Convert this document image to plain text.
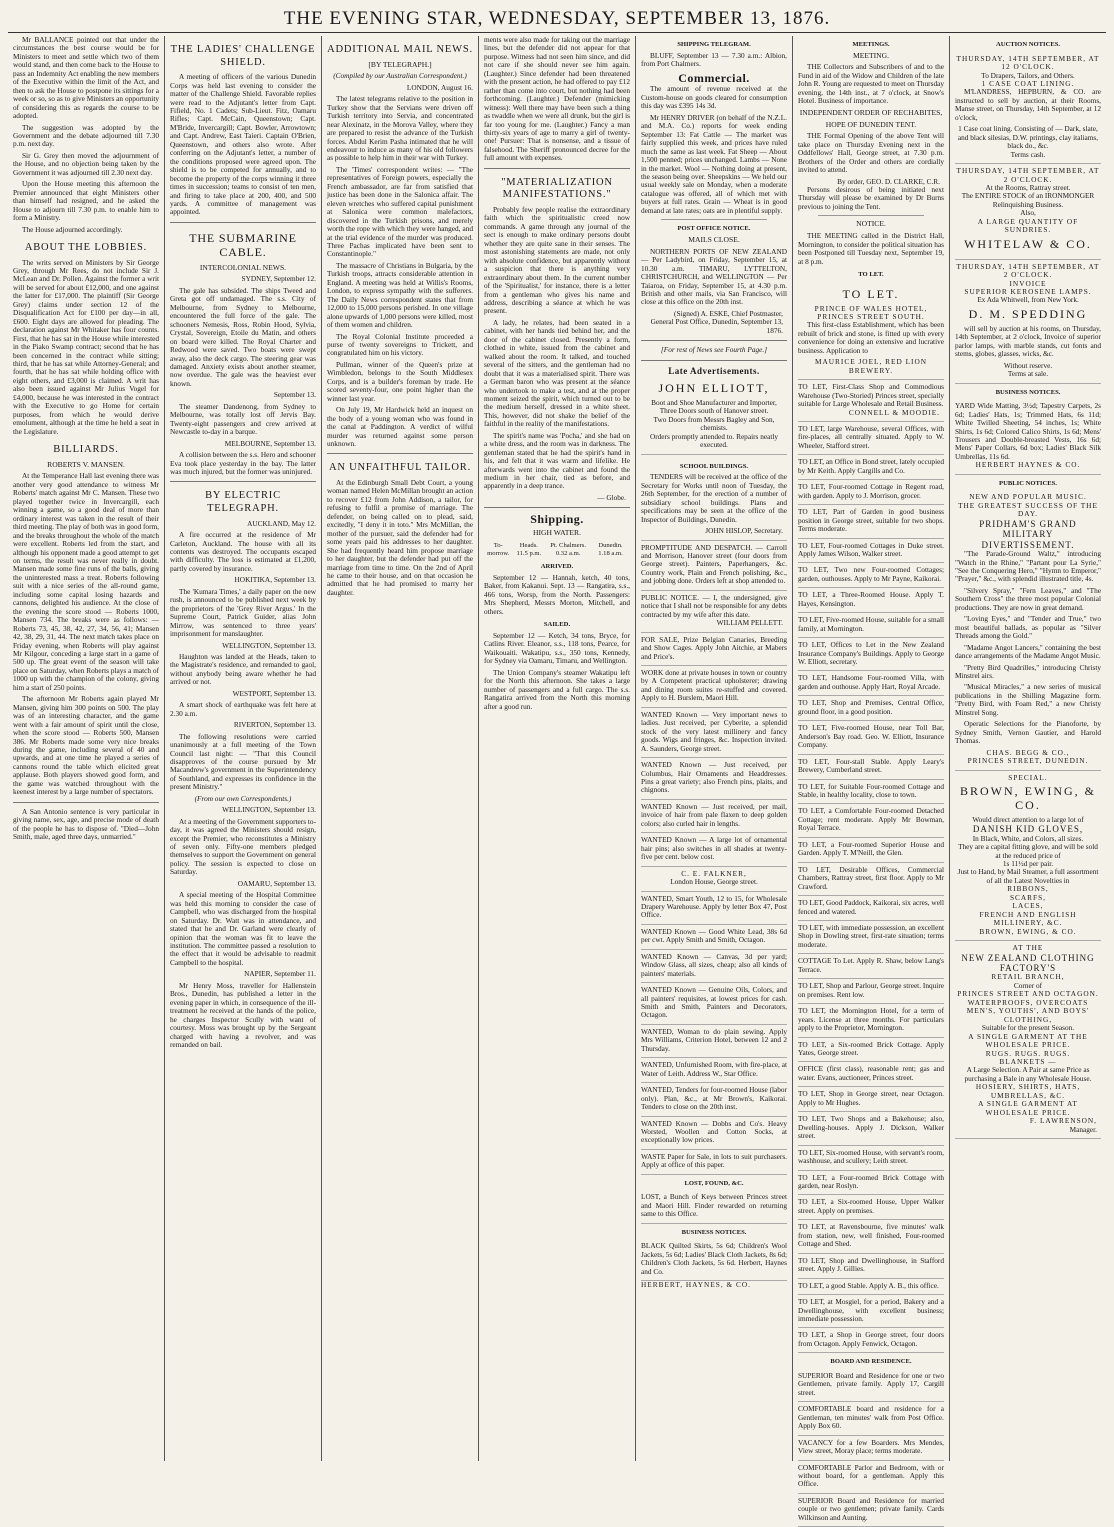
THE EVENING STAR, WEDNESDAY, SEPTEMBER 13, 1876.

Mr BALLANCE pointed out that under the circumstances the best course would be for Ministers to meet and settle which two of them would stand, and then come back to the House to pass an Indemnity Act enabling the new members of the Executive within the limit of the Act, and then to ask the House to postpone its sittings for a week or so, so as to give Ministers an opportunity of considering this as regards the course to be adopted.

The suggestion was adopted by the Government and the debate adjourned till 7.30 p.m. next day.

Sir G. Grey then moved the adjournment of the House, and no objection being taken by the Government it was adjourned till 2.30 next day.

Upon the House meeting this afternoon the Premier announced that eight Ministers other than himself had resigned, and he asked the House to adjourn till 7.30 p.m. to enable him to form a Ministry.

The House adjourned accordingly.

ABOUT THE LOBBIES.

The writs served on Ministers by Sir George Grey, through Mr Rees, do not include Sir J. McLean and Dr. Pollen. Against the former a writ will be served for about £12,000, and one against the latter for £17,000. The plaintiff (Sir George Grey) claims under section 12 of the Disqualification Act for £100 per day—in all, £600. Eight days are allowed for pleading. The declaration against Mr Whitaker has four counts. First, that he has sat in the House while interested in the Piako Swamp contract; second that he has been concerned in the contract while sitting; third, that he has sat while Attorney-General; and fourth, that he has sat while holding office with eight others, and £3,000 is claimed. A writ has also been issued against Mr Julius Vogel for £4,000, because he was interested in the contract with the Executive to go Home for certain purposes, from which he would derive emolument, although at the time he held a seat in the Legislature.

BILLIARDS.
ROBERTS V. MANSEN.

At the Temperance Hall last evening there was another very good attendance to witness Mr Roberts' match against Mr C. Mansen. These two played together twice in Invercargill, each winning a game, so a good deal of more than ordinary interest was taken in the result of their third meeting. The play of both was in good form, and the breaks throughout the whole of the match were excellent. Roberts led from the start, and although his opponent made a good attempt to get on terms, the result was never really in doubt. Mansen made some fine runs of the balls, giving the uninterested mass a treat. Roberts following suit with a nice series of the all-round game, including some capital losing hazards and cannons, delighted his audience. At the close of the evening the score stood — Roberts 1000, Mansen 734. The breaks were as follows: — Roberts 73, 45, 38, 42, 27, 34, 56, 41; Mansen 42, 38, 29, 31, 44. The next match takes place on Friday evening, when Roberts will play against Mr Kilgour, conceding a large start in a game of 500 up. The great event of the season will take place on Saturday, when Roberts plays a match of 1000 up with the champion of the colony, giving him a start of 250 points.

The afternoon Mr Roberts again played Mr Mansen, giving him 300 points on 500. The play was of an interesting character, and the game went with a fair amount of spirit until the close, when the score stood — Roberts 500, Mansen 386. Mr Roberts made some very nice breaks during the game, including several of 40 and upwards, and at one time he played a series of cannons round the table which elicited great applause. Both players showed good form, and the game was watched throughout with the keenest interest by a large number of spectators.

A San Antonio sentence is very particular in giving name, sex, age, and precise mode of death of the people he has to dispose of. "Died—John Smith, male, aged three days, unmarried."

THE LADIES' CHALLENGE SHIELD.

A meeting of officers of the various Dunedin Corps was held last evening to consider the matter of the Challenge Shield. Favorable replies were read to the Adjutant's letter from Capt. Fifield, No. 1 Cadets; Sub-Lieut. Fitz, Oamaru Rifles; Capt. McCain, Queenstown; Capt. M'Bride, Invercargill; Capt. Bowler, Arrowtown; and Capt. Andrew, East Taieri. Captain O'Brien, Queenstown, and others also wrote. After conferring on the Adjutant's letter, a number of the conditions proposed were agreed upon. The shield is to be competed for annually, and to become the property of the corps winning it three times in succession; teams to consist of ten men, and firing to take place at 200, 400, and 500 yards. A committee of management was appointed.

THE SUBMARINE CABLE.
INTERCOLONIAL NEWS.
SYDNEY, September 12.

The gale has subsided. The ships Tweed and Greta got off undamaged. The s.s. City of Melbourne, from Sydney to Melbourne, encountered the full force of the gale. The schooners Nemesis, Ross, Robin Hood, Sylvia, Crystal, Sovereign, Etoile du Matin, and others on board were killed. The Royal Charter and Redwood were saved. Two boats were swept away, also the deck cargo. The steering gear was damaged. Anxiety exists about another steamer, now overdue. The gale was the heaviest ever known.

September 13.

The steamer Dandenong, from Sydney to Melbourne, was totally lost off Jervis Bay. Twenty-eight passengers and crew arrived at Newcastle to-day in a barque.

MELBOURNE, September 13.

A collision between the s.s. Hero and schooner Eva took place yesterday in the bay. The latter was much injured, but the former was uninjured.

BY ELECTRIC TELEGRAPH.
AUCKLAND, May 12.

A fire occurred at the residence of Mr Carleton, Auckland. The house with all its contents was destroyed. The occupants escaped with difficulty. The loss is estimated at £1,200, partly covered by insurance.

HOKITIKA, September 13.

The 'Kumara Times,' a daily paper on the new rush, is announced to be published next week by the proprietors of the 'Grey River Argus.' In the Supreme Court, Patrick Guider, alias John Mirrow, was sentenced to three years' imprisonment for manslaughter.

WELLINGTON, September 13.

Haughton was landed at the Heads, taken to the Magistrate's residence, and remanded to gaol, without anybody being aware whether he had arrived or not.

WESTPORT, September 13.

A smart shock of earthquake was felt here at 2.30 a.m.

RIVERTON, September 13.

The following resolutions were carried unanimously at a full meeting of the Town Council last night: — "That this Council disapproves of the course pursued by Mr Macandrew's government in the Superintendency of Southland, and expresses its confidence in the present Ministry."

(From our own Correspondents.)
WELLINGTON, September 13.

At a meeting of the Government supporters to-day, it was agreed the Ministers should resign, except the Premier, who reconstitutes a Ministry of seven only. Fifty-one members pledged themselves to support the Government on general policy. The session is expected to close on Saturday.

OAMARU, September 13.

A special meeting of the Hospital Committee was held this morning to consider the case of Campbell, who was discharged from the hospital on Saturday. Dr. Watt was in attendance, and stated that he and Dr. Garland were clearly of opinion that the woman was fit to leave the institution. The committee passed a resolution to the effect that it would be advisable to readmit Campbell to the hospital.

NAPIER, September 11.

Mr Henry Moss, traveller for Hallenstein Bros., Dunedin, has published a letter in the evening paper in which, in consequence of the ill-treatment he received at the hands of the police, he charges Inspector Scully with want of courtesy. Moss was brought up by the Sergeant charged with having a revolver, and was remanded on bail.

ADDITIONAL MAIL NEWS.
[BY TELEGRAPH.]
(Compiled by our Australian Correspondent.)
LONDON, August 16.

The latest telegrams relative to the position in Turkey show that the Servians were driven off Turkish territory into Servia, and concentrated near Alexinatz, in the Morova Valley, where they are prepared to resist the advance of the Turkish forces. Abdul Kerim Pasha intimated that he will endeavour to induce as many of his old followers as possible to help him in their war with Turkey.

The 'Times' correspondent writes: — "The representatives of Foreign powers, especially the French ambassador, are far from satisfied that justice has been done in the Salonica affair. The eleven wretches who suffered capital punishment at Salonica were common malefactors, discovered in the Turkish prisons, and merely worth the rope with which they were hanged, and at the trial evidence of the murder was produced. Three Pachas implicated have been sent to Constantinople."

The massacre of Christians in Bulgaria, by the Turkish troops, attracts considerable attention in England. A meeting was held at Willis's Rooms, London, to express sympathy with the sufferers. The Daily News correspondent states that from 12,000 to 15,000 persons perished. In one village alone upwards of 1,000 persons were killed, most of them women and children.

The Royal Colonial Institute proceeded a purse of twenty sovereigns to Trickett, and congratulated him on his victory.

Pullman, winner of the Queen's prize at Wimbledon, belongs to the South Middlesex Corps, and is a builder's foreman by trade. He scored seventy-four, one point higher than the winner last year.

On July 19, Mr Hardwick held an inquest on the body of a young woman who was found in the canal at Paddington. A verdict of wilful murder was returned against some person unknown.

AN UNFAITHFUL TAILOR.

At the Edinburgh Small Debt Court, a young woman named Helen McMillan brought an action to recover £12 from John Addison, a tailor, for refusing to fulfil a promise of marriage. The defender, on being called on to plead, said, excitedly, "I deny it in toto." Mrs McMillan, the mother of the pursuer, said the defender had for some years paid his addresses to her daughter. She had frequently heard him propose marriage to her daughter, but the defender had put off the marriage from time to time. On the 2nd of April he came to their house, and on that occasion he admitted that he had promised to marry her daughter.

ments were also made for taking out the marriage lines, but the defender did not appear for that purpose. Witness had not seen him since, and did not care if she should never see him again. (Laughter.) Since defender had been threatened with the present action, he had offered to pay £12 rather than come into court, but nothing had been forthcoming. (Laughter.) Defender (mimicking witness): Well there may have been such a thing as twaddle when we were all drunk, but the girl is far too young for me. (Laughter.) Fancy a man thirty-six years of age to marry a girl of twenty-one! Pursuer: That is nonsense, and a tissue of falsehood. The Sheriff pronounced decree for the full amount with expenses.

"MATERIALIZATION MANIFESTATIONS."

Probably few people realise the extraordinary faith which the spiritualistic creed now commands. A game through any journal of the sect is enough to make ordinary persons doubt whether they are quite sane in their senses. The most astonishing statements are made, not only with absolute confidence, but apparently without a suspicion that there is anything very extraordinary about them. In the current number of the 'Spiritualist,' for instance, there is a letter from a gentleman who gives his name and address, describing a séance at which he was present.

A lady, he relates, had been seated in a cabinet, with her hands tied behind her, and the door of the cabinet closed. Presently a form, clothed in white, issued from the cabinet and walked about the room. It talked, and touched several of the sitters, and the gentleman had no doubt that it was a materialised spirit. There was a German baron who was present at the séance who undertook to make a test, and at the proper moment seized the spirit, which turned out to be the medium herself, dressed in a white sheet. This, however, did not shake the belief of the faithful in the reality of the manifestations.

The spirit's name was 'Pocha,' and she had on a white dress, and the room was in darkness. The gentleman stated that he had the spirit's hand in his, and felt that it was warm and lifelike. He afterwards went into the cabinet and found the medium in her chair, tied as before, and apparently in a deep trance.

— Globe.
Shipping.
HIGH WATER.
To-morrow.	Heads. 11.5 p.m.	Pt. Chalmers. 0.32 a.m.	Dunedin. 1.18 a.m.
ARRIVED.

September 12 — Hannah, ketch, 40 tons, Baker, from Kakanui. Sept. 13 — Rangatira, s.s., 466 tons, Worsp, from the North. Passengers: Mrs Shepherd, Messrs Morton, Mitchell, and others.

SAILED.

September 12 — Ketch, 34 tons, Bryce, for Catlins River. Eleanor, s.s., 118 tons, Pearce, for Waikouaiti. Wakatipu, s.s., 350 tons, Kennedy, for Sydney via Oamaru, Timaru, and Wellington.

The Union Company's steamer Wakatipu left for the North this afternoon. She takes a large number of passengers and a full cargo. The s.s. Rangatira arrived from the North this morning after a good run.

SHIPPING TELEGRAM.

BLUFF, September 13 — 7.30 a.m.: Albion, from Port Chalmers.

Commercial.

The amount of revenue received at the Custom-house on goods cleared for consumption this day was £395 14s 3d.

Mr HENRY DRIVER (on behalf of the N.Z.L. and M.A. Co.) reports for week ending September 13: Fat Cattle — The market was fairly supplied this week, and prices have ruled much the same as last week. Fat Sheep — About 1,500 penned; prices unchanged. Lambs — None in the market. Wool — Nothing doing at present, the season being over. Sheepskins — We held our usual weekly sale on Monday, when a moderate catalogue was offered, all of which met with buyers at full rates. Grain — Wheat is in good demand at late rates; oats are in plentiful supply.

POST OFFICE NOTICE.
MAILS CLOSE.

NORTHERN PORTS OF NEW ZEALAND — Per Ladybird, on Friday, September 15, at 10.30 a.m. TIMARU, LYTTELTON, CHRISTCHURCH, and WELLINGTON — Per Taiaroa, on Friday, September 15, at 4.30 p.m. British and other mails, via San Francisco, will close at this office on the 20th inst.

(Signed) A. ESKE, Chief Postmaster,
General Post Office, Dunedin, September 13, 1876.
[For rest of News see Fourth Page.]
Late Advertisements.
JOHN ELLIOTT,
Boot and Shoe Manufacturer and Importer,
Three Doors south of Hanover street.
Two Doors from Messrs Bagley and Son, chemists.
Orders promptly attended to. Repairs neatly executed.
SCHOOL BUILDINGS.

TENDERS will be received at the office of the Secretary for Works until noon of Tuesday, the 26th September, for the erection of a number of subsidiary school buildings. Plans and specifications may be seen at the office of the Inspector of Buildings, Dunedin.

JOHN HISLOP, Secretary.
PROMPTITUDE AND DESPATCH. — Carroll and Morrison, Hanover street (four doors from George street). Painters, Paperhangers, &c. Country work, Plain and French polishing, &c., and jobbing done. Orders left at shop attended to.
PUBLIC NOTICE. — I, the undersigned, give notice that I shall not be responsible for any debts contracted by my wife after this date.
WILLIAM PELLETT.
FOR SALE, Prize Belgian Canaries, Breeding and Show Cages. Apply John Aitchie, at Mabers and Price's.
WORK done at private houses in town or country by A Competent practical upholsterer; drawing and dining room suites re-stuffed and covered. Apply to H. Burslem, Maori Hill.
WANTED Known — Very important news to ladies. Just received, per Cyberite, a splendid stock of the very latest millinery and fancy goods. Wigs and fringes, &c. Inspection invited. A. Saunders, George street.
WANTED Known — Just received, per Columbus, Hair Ornaments and Headdresses. Pins a great variety; also French pins, plaits, and chignons.
WANTED Known — Just received, per mail, invoice of hair from pale flaxen to deep golden colors; also curled hair in lengths.
WANTED Known — A large lot of ornamental hair pins; also switches in all shades at twenty-five per cent. below cost.
C. E. FALKNER,
London House, George street.
WANTED, Smart Youth, 12 to 15, for Wholesale Drapery Warehouse. Apply by letter Box 47, Post Office.
WANTED Known — Good White Lead, 38s 6d per cwt. Apply Smith and Smith, Octagon.
WANTED Known — Canvas, 3d per yard; Window Glass, all sizes, cheap; also all kinds of painters' materials.
WANTED Known — Genuine Oils, Colors, and all painters' requisites, at lowest prices for cash. Smith and Smith, Painters and Decorators, Octagon.
WANTED, Woman to do plain sewing. Apply Mrs Williams, Criterion Hotel, between 12 and 2 Thursday.
WANTED, Unfurnished Room, with fire-place, at Water of Leith. Address W., Star Office.
WANTED, Tenders for four-roomed House (labor only). Plan, &c., at Mr Brown's, Kaikorai. Tenders to close on the 20th inst.
WANTED Known — Dobbs and Co's. Heavy Worsted, Woollen and Cotton Socks, at exceptionally low prices.
WASTE Paper for Sale, in lots to suit purchasers. Apply at office of this paper.
LOST, FOUND, &C.
LOST, a Bunch of Keys between Princes street and Maori Hill. Finder rewarded on returning same to this Office.
BUSINESS NOTICES.
BLACK Quilted Skirts, 5s 6d; Children's Wool Jackets, 5s 6d; Ladies' Black Cloth Jackets, 8s 6d; Children's Cloth Jackets, 5s 6d. Herbert, Haynes and Co.
HERBERT, HAYNES, & CO.
MEETINGS.
MEETING.

THE Collectors and Subscribers of and to the Fund in aid of the Widow and Children of the late John R. Young are requested to meet on Thursday evening, the 14th inst., at 7 o'clock, at Snow's Hotel. Business of importance.

INDEPENDENT ORDER OF RECHABITES,
HOPE OF DUNEDIN TENT.

THE Formal Opening of the above Tent will take place on Thursday Evening next in the Oddfellows' Hall, George street, at 7.30 p.m. Brothers of the Order and others are cordially invited to attend.

By order, GEO. D. CLARKE, C.R.

Persons desirous of being initiated next Thursday will please be examined by Dr Burns previous to joining the Tent.

NOTICE.

THE MEETING called in the District Hall, Mornington, to consider the political situation has been Postponed till Tuesday next, September 19, at 8 p.m.

TO LET.
TO LET.
PRINCE OF WALES HOTEL, PRINCES STREET SOUTH.

This first-class Establishment, which has been rebuilt of brick and stone, is fitted up with every convenience for doing an extensive and lucrative business. Application to

MAURICE JOEL, RED LION BREWERY.
TO LET, First-Class Shop and Commodious Warehouse (Two-Storied) Princes street, specially suitable for Large Wholesale and Retail Business.
CONNELL & MOODIE.
TO LET, large Warehouse, several Offices, with fire-places, all centrally situated. Apply to W. Wheeler, Stafford street.
TO LET, an Office in Bond street, lately occupied by Mr Keith. Apply Cargills and Co.
TO LET, Four-roomed Cottage in Regent road, with garden. Apply to J. Morrison, grocer.
TO LET, Part of Garden in good business position in George street, suitable for two shops. Terms moderate.
TO LET, Four-roomed Cottages in Duke street. Apply James Wilson, Walker street.
TO LET, Two new Four-roomed Cottages; garden, outhouses. Apply to Mr Payne, Kaikorai.
TO LET, a Three-Roomed House. Apply T. Hayes, Kensington.
TO LET, Five-roomed House, suitable for a small family, at Mornington.
TO LET, Offices to Let in the New Zealand Insurance Company's Buildings. Apply to George W. Elliott, secretary.
TO LET, Handsome Four-roomed Villa, with garden and outhouse. Apply Hart, Royal Arcade.
TO LET, Shop and Premises, Central Office, ground floor, in a good position.
TO LET, Five-roomed House, near Toll Bar, Anderson's Bay road. Geo. W. Elliott, Insurance Company.
TO LET, Four-stall Stable. Apply Leary's Brewery, Cumberland street.
TO LET, for Suitable Four-roomed Cottage and Stable, in healthy locality, close to town.
TO LET, a Comfortable Four-roomed Detached Cottage; rent moderate. Apply Mr Bowman, Royal Terrace.
TO LET, a Four-roomed Superior House and Garden. Apply T. M'Neill, the Glen.
TO LET, Desirable Offices, Commercial Chambers, Rattray street, first floor. Apply to Mr Crawford.
TO LET, Good Paddock, Kaikorai, six acres, well fenced and watered.
TO LET, with immediate possession, an excellent Shop in Dowling street, first-rate situation; terms moderate.
COTTAGE To Let. Apply R. Shaw, below Lang's Terrace.
TO LET, Shop and Parlour, George street. Inquire on premises. Rent low.
TO LET, the Mornington Hotel, for a term of years. License at three months. For particulars apply to the Proprietor, Mornington.
TO LET, a Six-roomed Brick Cottage. Apply Yates, George street.
OFFICE (first class), reasonable rent; gas and water. Evans, auctioneer, Princes street.
TO LET, Shop in George street, near Octagon. Apply to Mr Hughes.
TO LET, Two Shops and a Bakehouse; also, Dwelling-houses. Apply J. Dickson, Walker street.
TO LET, Six-roomed House, with servant's room, washhouse, and scullery; Leith street.
TO LET, a Four-roomed Brick Cottage with garden, near Roslyn.
TO LET, a Six-roomed House, Upper Walker street. Apply on premises.
TO LET, at Ravensbourne, five minutes' walk from station, new, well finished, Four-roomed Cottage and Shed.
TO LET, Shop and Dwellinghouse, in Stafford street. Apply J. Gillies.
TO LET, a good Stable. Apply A. B., this office.
TO LET, at Mosgiel, for a period, Bakery and a Dwellinghouse, with excellent business; immediate possession.
TO LET, a Shop in George street, four doors from Octagon. Apply Fenwick, Octagon.
BOARD AND RESIDENCE.
SUPERIOR Board and Residence for one or two Gentlemen, private family. Apply 17, Cargill street.
COMFORTABLE board and residence for a Gentleman, ten minutes' walk from Post Office. Apply Box 60.
VACANCY for a few Boarders. Mrs Mendes, View street, Moray place; terms moderate.
COMFORTABLE Parlor and Bedroom, with or without board, for a gentleman. Apply this Office.
SUPERIOR Board and Residence for married couple or two gentlemen; private family. Cards Wilkinson and Aunting.
AUCTION NOTICES.
THURSDAY, 14TH SEPTEMBER, AT 12 O'CLOCK.
To Drapers, Tailors, and Others.
1 CASE COAT LINING.

M'LANDRESS, HEPBURN, & CO. are instructed to sell by auction, at their Rooms, Manse street, on Thursday, 14th September, at 12 o'clock,

1 Case coat lining. Consisting of — Dark, slate, and black silesias, D.W. printings, clay italiams, black do., &c.
Terms cash.
THURSDAY, 14TH SEPTEMBER, AT 2 O'CLOCK.
At the Rooms, Rattray street.
The ENTIRE STOCK of an IRONMONGER Relinquishing Business.
Also,
A LARGE QUANTITY OF SUNDRIES.
WHITELAW & CO.
THURSDAY, 14TH SEPTEMBER, AT 2 O'CLOCK.
INVOICE
SUPERIOR KEROSENE LAMPS.
Ex Ada Whitwell, from New York.
D. M. SPEDDING

will sell by auction at his rooms, on Thursday, 14th September, at 2 o'clock, Invoice of superior parlor lamps, with marble stands, cut fonts and stems, globes, glasses, wicks, &c.

Without reserve.
Terms at sale.
BUSINESS NOTICES.
YARD Wide Matting, 3½d; Tapestry Carpets, 2s 6d; Ladies' Hats, 1s; Trimmed Hats, 6s 11d; White Twilled Sheeting, 54 inches, 1s; White Shirts, 1s 6d; Colored Calico Shirts, 1s 6d; Mens' Trousers and Double-breasted Vests, 16s 6d; Mens' Paper Collars, 6d box; Ladies' Black Silk Umbrellas, 11s 6d.
HERBERT HAYNES & CO.
PUBLIC NOTICES.
NEW AND POPULAR MUSIC.
THE GREATEST SUCCESS OF THE DAY.
PRIDHAM'S GRAND MILITARY DIVERTISSEMENT.

"The Parade-Ground Waltz," introducing "Watch in the Rhine," "Partant pour La Syrie," "See the Conquering Hero," "Hymn to Emperor," "Prayer," &c., with splendid illustrated title, 4s.

"Silvery Spray," "Fern Leaves," and "The Southern Cross" the three most popular Colonial productions. They are now in great demand.

"Loving Eyes," and "Tender and True," two most beautiful ballads, as popular as "Silver Threads among the Gold."

"Madame Angot Lancers," containing the best dance arrangements of the Madame Angot Music.

"Pretty Bird Quadrilles," introducing Christy Minstrel airs.

"Musical Miracles," a new series of musical publications in the Shilling Magazine form. "Pretty Bird, with Foam Red," a new Christy Minstrel Song.

Operatic Selections for the Pianoforte, by Sydney Smith, Vernon Gautier, and Harold Thomas.

CHAS. BEGG & CO.,
PRINCES STREET, DUNEDIN.
SPECIAL.
BROWN, EWING, & CO.
Would direct attention to a large lot of
DANISH KID GLOVES,
In Black, White, and Colors, all sizes.
They are a capital fitting glove, and will be sold at the reduced price of
1s 11½d per pair.
Just to Hand, by Mail Steamer, a full assortment of all the Latest Novelties in
RIBBONS,
SCARFS,
LACES,
FRENCH AND ENGLISH MILLINERY, &C.
BROWN, EWING, & CO.
AT THE
NEW ZEALAND CLOTHING FACTORY'S
RETAIL BRANCH,
Corner of
PRINCES STREET AND OCTAGON.
WATERPROOFS, OVERCOATS MEN'S, YOUTHS', AND BOYS' CLOTHING,
Suitable for the present Season.
A SINGLE GARMENT AT THE WHOLESALE PRICE.
RUGS. RUGS. RUGS.
BLANKETS —
A Large Selection. A Pair at same Price as purchasing a Bale in any Wholesale House.
HOSIERY, SHIRTS, HATS,
UMBRELLAS, &C.
A SINGLE GARMENT AT WHOLESALE PRICE.
F. LAWRENSON,
Manager.
